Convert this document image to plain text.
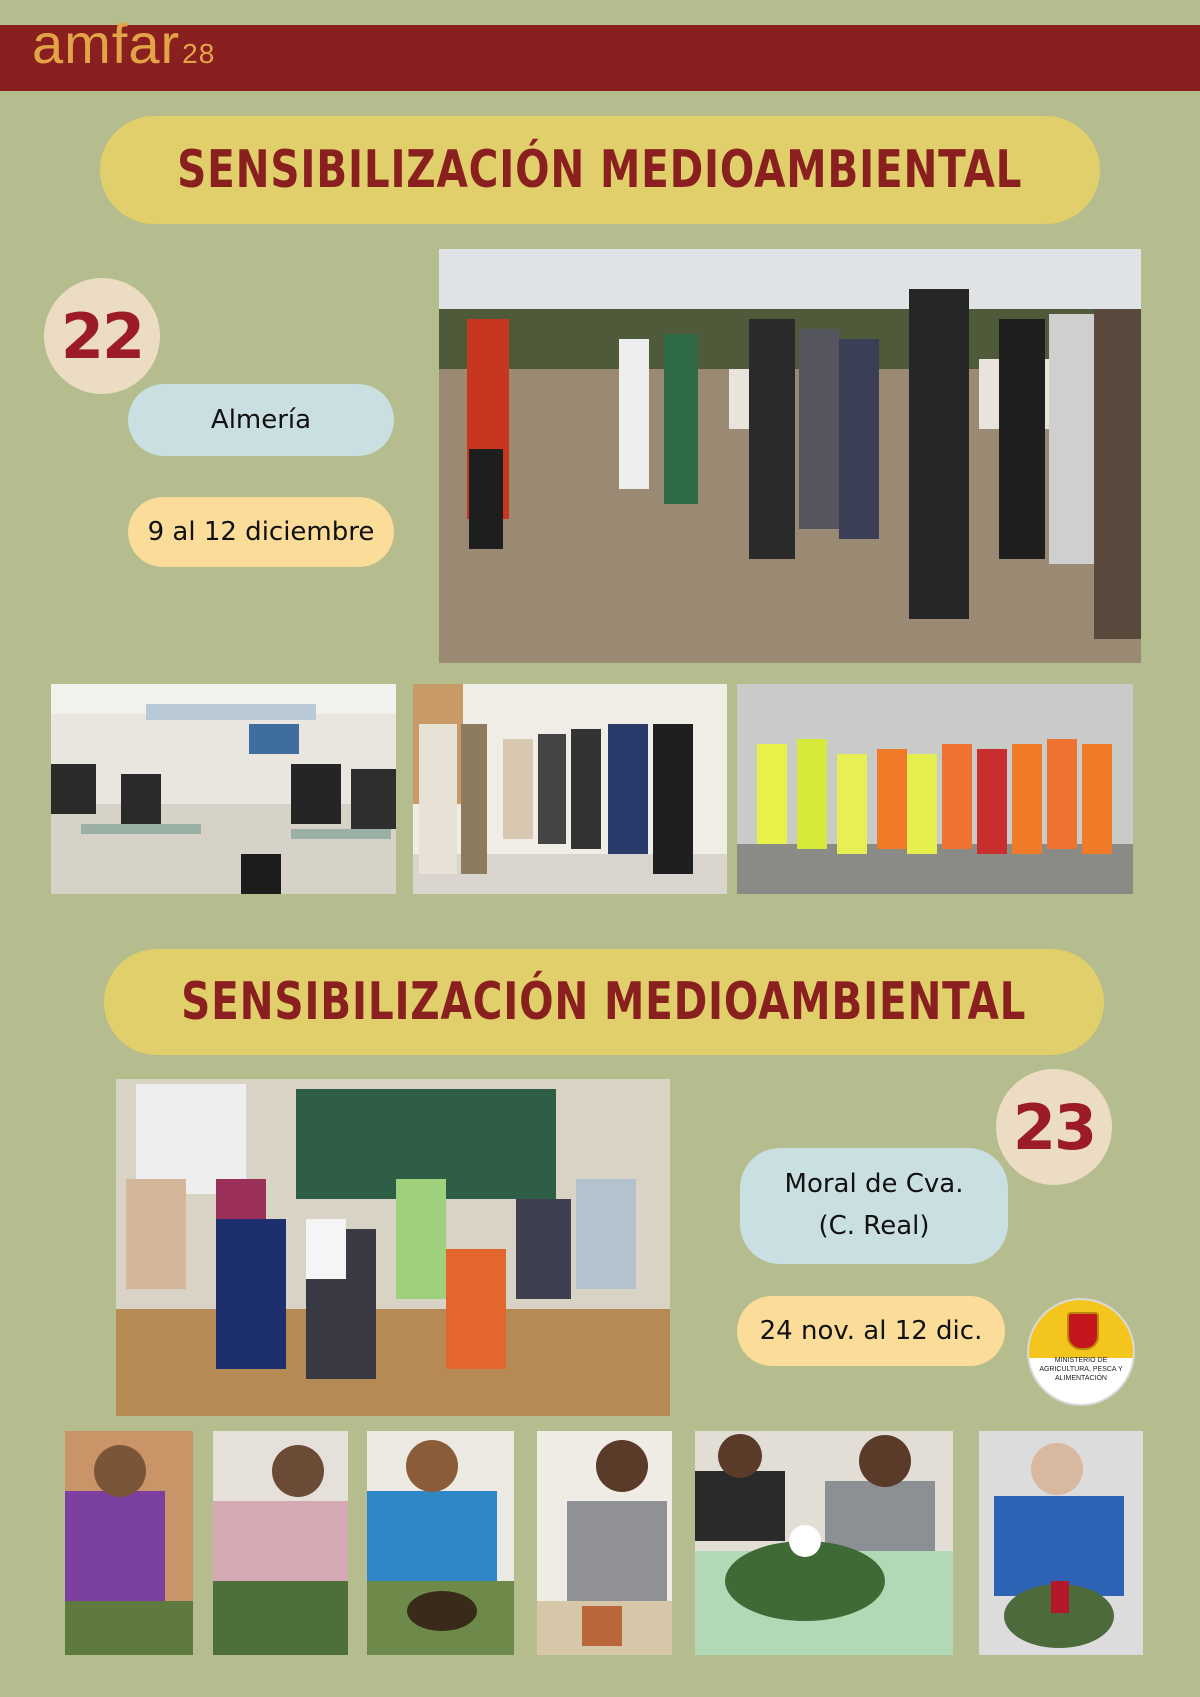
amfar28
SENSIBILIZACIÓN MEDIOAMBIENTAL
22
Almería
9 al 12 diciembre
SENSIBILIZACIÓN MEDIOAMBIENTAL
23
Moral de Cva.
(C. Real)
24 nov. al 12 dic.
MINISTERIO DE AGRICULTURA, PESCA Y ALIMENTACIÓN
